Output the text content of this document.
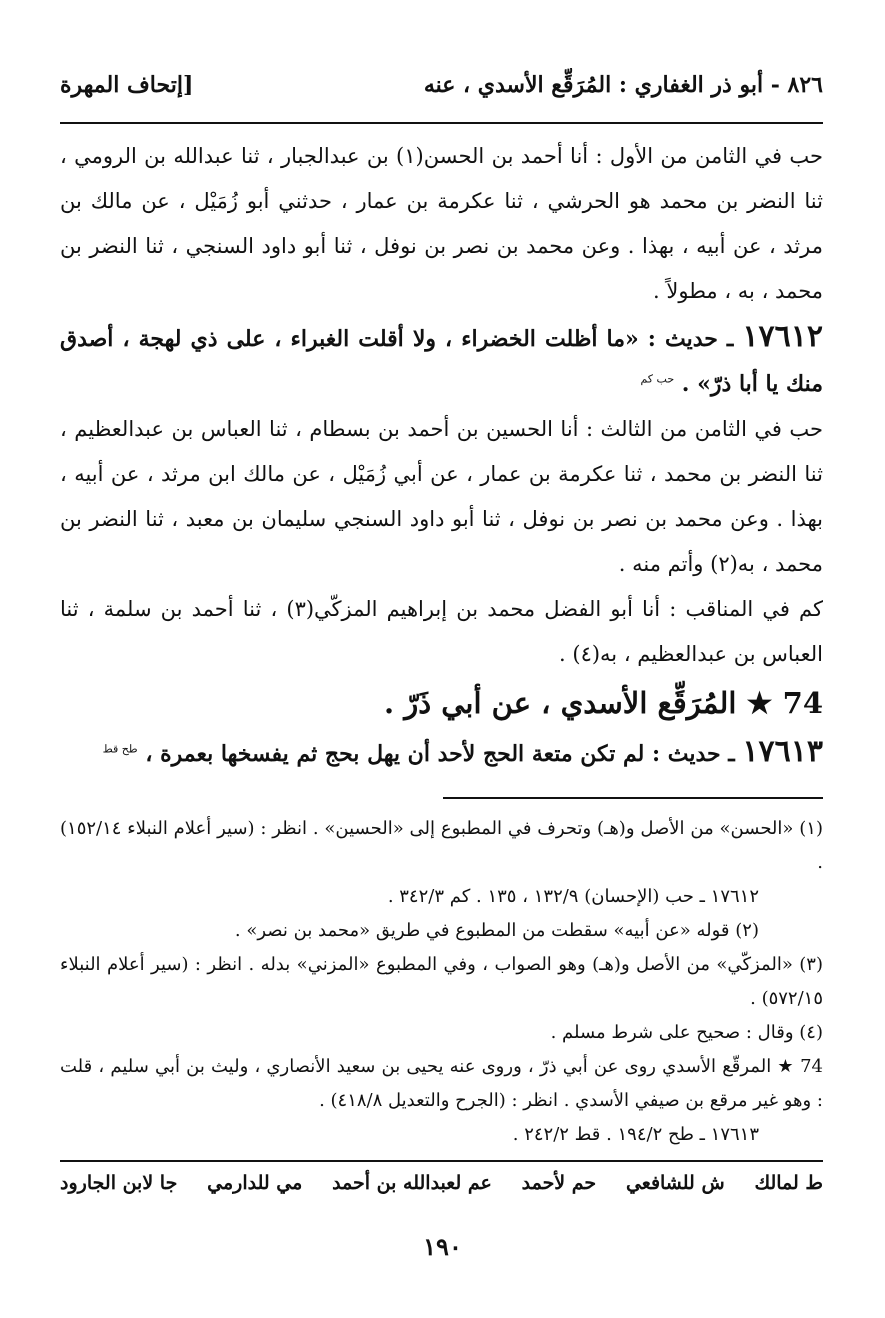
٨٢٦ - أبو ذر الغفاري : المُرَقِّع الأسدي ، عنه
[إتحاف المهرة

حب في الثامن من الأول : أنا أحمد بن الحسن(١) بن عبدالجبار ، ثنا عبدالله بن الرومي ، ثنا النضر بن محمد هو الحرشي ، ثنا عكرمة بن عمار ، حدثني أبو زُمَيْل ، عن مالك بن مرثد ، عن أبيه ، بهذا . وعن محمد بن نصر بن نوفل ، ثنا أبو داود السنجي ، ثنا النضر بن محمد ، به ، مطولاً .

١٧٦١٢ ـ حديث : «ما أظلت الخضراء ، ولا أقلت الغبراء ، على ذي لهجة ، أصدق منك يا أبا ذرّ» . $^{حب كم}$

حب في الثامن من الثالث : أنا الحسين بن أحمد بن بسطام ، ثنا العباس بن عبدالعظيم ، ثنا النضر بن محمد ، ثنا عكرمة بن عمار ، عن أبي زُمَيْل ، عن مالك ابن مرثد ، عن أبيه ، بهذا . وعن محمد بن نصر بن نوفل ، ثنا أبو داود السنجي سليمان بن معبد ، ثنا النضر بن محمد ، به(٢) وأتم منه .

كم في المناقب : أنا أبو الفضل محمد بن إبراهيم المزكّي(٣) ، ثنا أحمد بن سلمة ، ثنا العباس بن عبدالعظيم ، به(٤) .

74 ★ المُرَقِّع الأسدي ، عن أبي ذَرّ .

١٧٦١٣ ـ حديث : لم تكن متعة الحج لأحد أن يهل بحج ثم يفسخها بعمرة ، $^{طح قط}$

(١) «الحسن» من الأصل و(هـ) وتحرف في المطبوع إلى «الحسين» . انظر : (سير أعلام النبلاء ١٥٢/١٤) .

١٧٦١٢ ـ حب (الإحسان) ١٣٢/٩ ، ١٣٥ . كم ٣٤٢/٣ .

(٢) قوله «عن أبيه» سقطت من المطبوع في طريق «محمد بن نصر» .

(٣) «المزكّي» من الأصل و(هـ) وهو الصواب ، وفي المطبوع «المزني» بدله . انظر : (سير أعلام النبلاء ٥٧٢/١٥) .

(٤) وقال : صحيح على شرط مسلم .

74 ★ المرقّع الأسدي روى عن أبي ذرّ ، وروى عنه يحيى بن سعيد الأنصاري ، وليث بن أبي سليم ، قلت : وهو غير مرقع بن صيفي الأسدي . انظر : (الجرح والتعديل ٤١٨/٨) .

١٧٦١٣ ـ طح ١٩٤/٢ . قط ٢٤٢/٢ .

ط لمالك
ش للشافعي
حم لأحمد
عم لعبدالله بن أحمد
مي للدارمي
جا لابن الجارود
١٩٠
